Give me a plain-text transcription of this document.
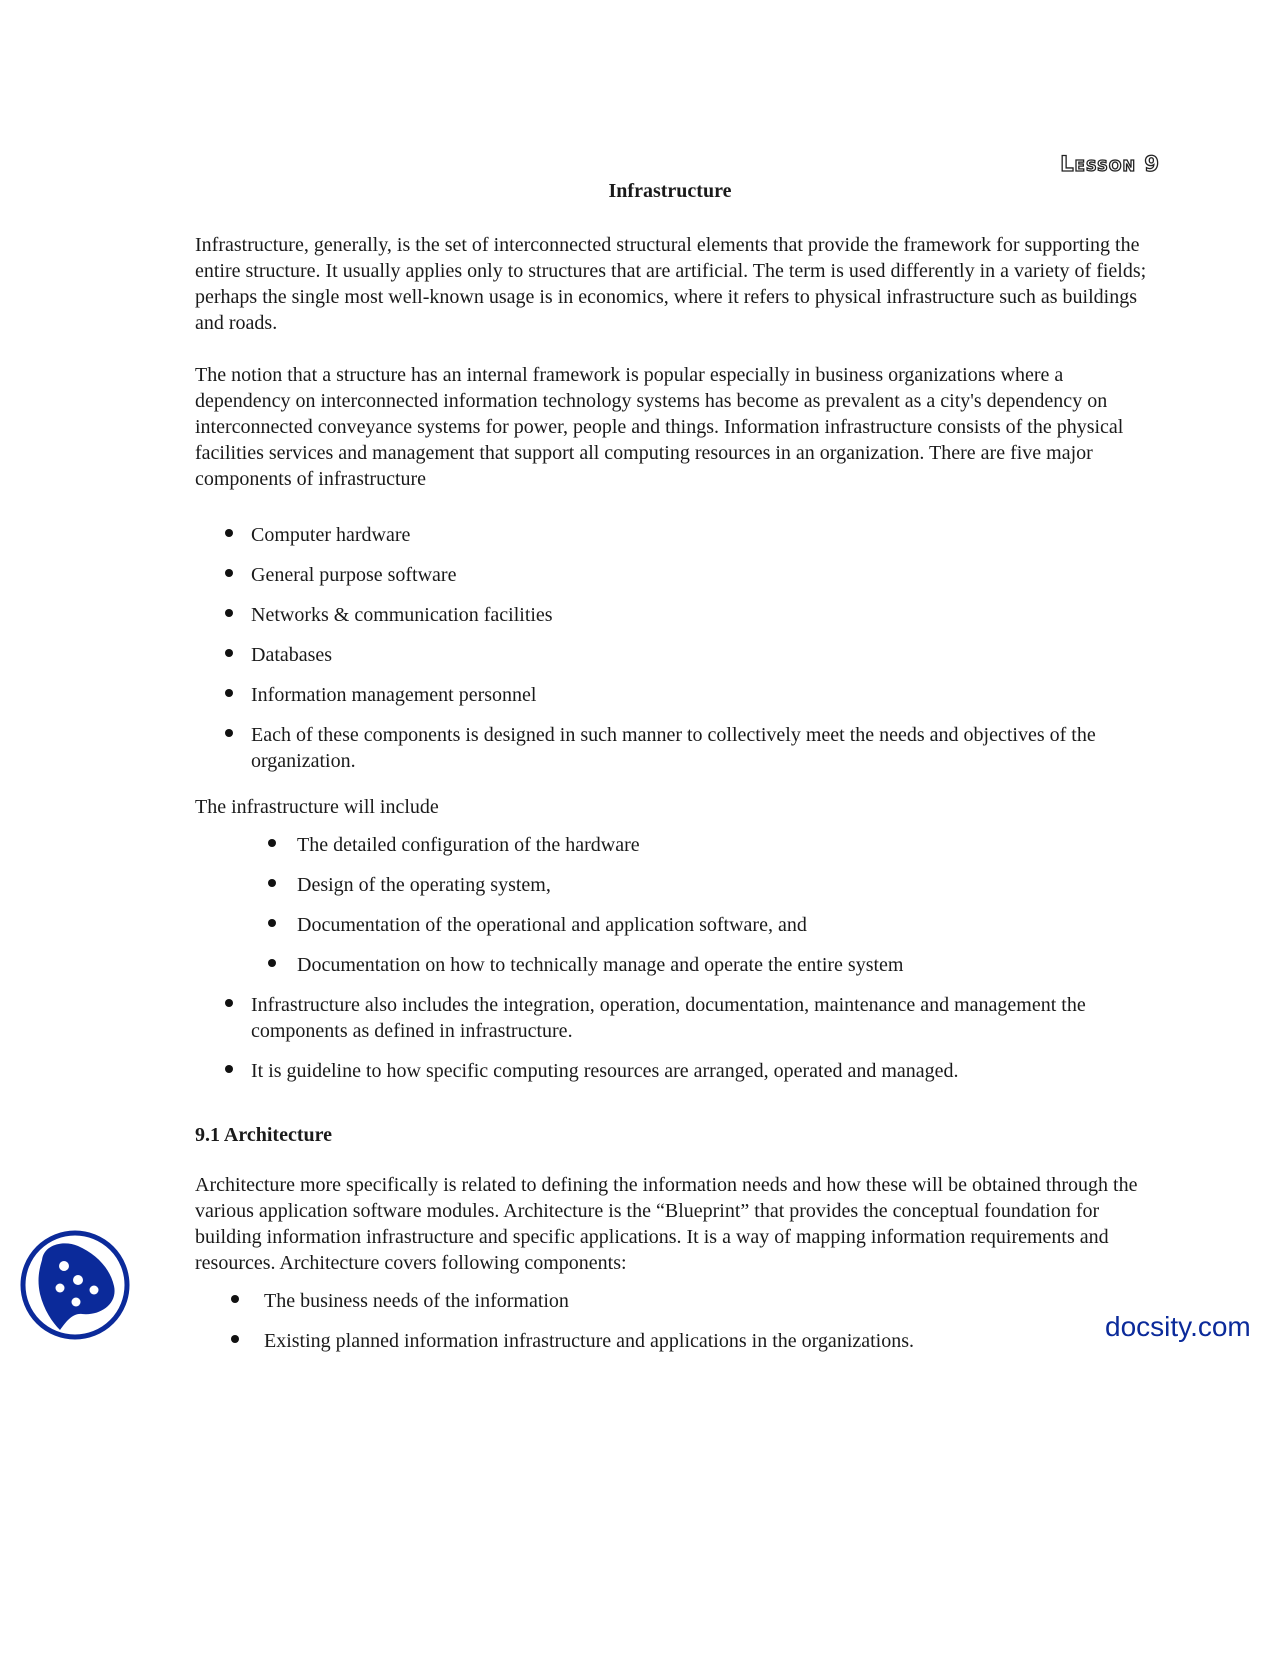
Lesson 9
Infrastructure

Infrastructure, generally, is the set of interconnected structural elements that provide the framework for supporting the entire structure. It usually applies only to structures that are artificial. The term is used differently in a variety of fields; perhaps the single most well-known usage is in economics, where it refers to physical infrastructure such as buildings and roads.

The notion that a structure has an internal framework is popular especially in business organizations where a dependency on interconnected information technology systems has become as prevalent as a city's dependency on interconnected conveyance systems for power, people and things. Information infrastructure consists of the physical facilities services and management that support all computing resources in an organization. There are five major components of infrastructure

Computer hardware
General purpose software
Networks & communication facilities
Databases
Information management personnel
Each of these components is designed in such manner to collectively meet the needs and objectives of the organization.

The infrastructure will include

The detailed configuration of the hardware
Design of the operating system,
Documentation of the operational and application software, and
Documentation on how to technically manage and operate the entire system
Infrastructure also includes the integration, operation, documentation, maintenance and management the components as defined in infrastructure.
It is guideline to how specific computing resources are arranged, operated and managed.

9.1 Architecture

Architecture more specifically is related to defining the information needs and how these will be obtained through the various application software modules. Architecture is the “Blueprint” that provides the conceptual foundation for building information infrastructure and specific applications. It is a way of mapping information requirements and resources. Architecture covers following components:

The business needs of the information
Existing planned information infrastructure and applications in the organizations.	docsity.com
